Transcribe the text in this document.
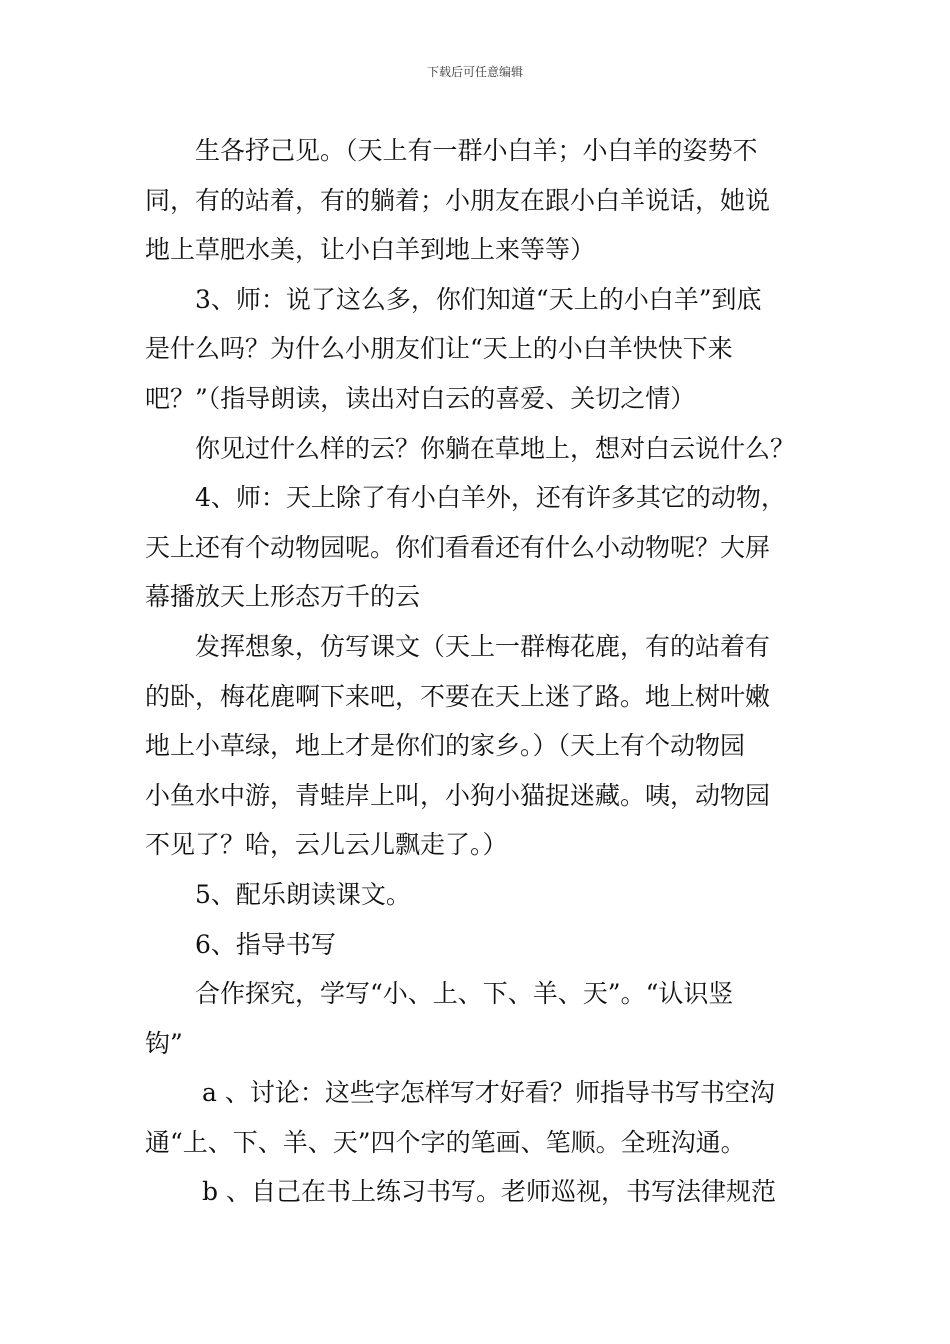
下载后可任意编辑
生各抒己见。（天上有一群小白羊；小白羊的姿势不
同，有的站着，有的躺着；小朋友在跟小白羊说话，她说
地上草肥水美，让小白羊到地上来等等）
3、师：说了这么多，你们知道“天上的小白羊”到底
是什么吗？为什么小朋友们让“天上的小白羊快快下来
吧？”（指导朗读，读出对白云的喜爱、关切之情）
你见过什么样的云？你躺在草地上，想对白云说什么？
4、师：天上除了有小白羊外，还有许多其它的动物，
天上还有个动物园呢。你们看看还有什么小动物呢？大屏
幕播放天上形态万千的云
发挥想象，仿写课文（天上一群梅花鹿，有的站着有
的卧，梅花鹿啊下来吧，不要在天上迷了路。地上树叶嫩
地上小草绿，地上才是你们的家乡。）（天上有个动物园
小鱼水中游，青蛙岸上叫，小狗小猫捉迷藏。咦，动物园
不见了？哈，云儿云儿飘走了。）
5、配乐朗读课文。
6、指导书写
合作探究，学写“小、上、下、羊、天”。“认识竖
钩”
a 、讨论：这些字怎样写才好看？师指导书写书空沟
通“上、下、羊、天”四个字的笔画、笔顺。全班沟通。
b 、自己在书上练习书写。老师巡视，书写法律规范
